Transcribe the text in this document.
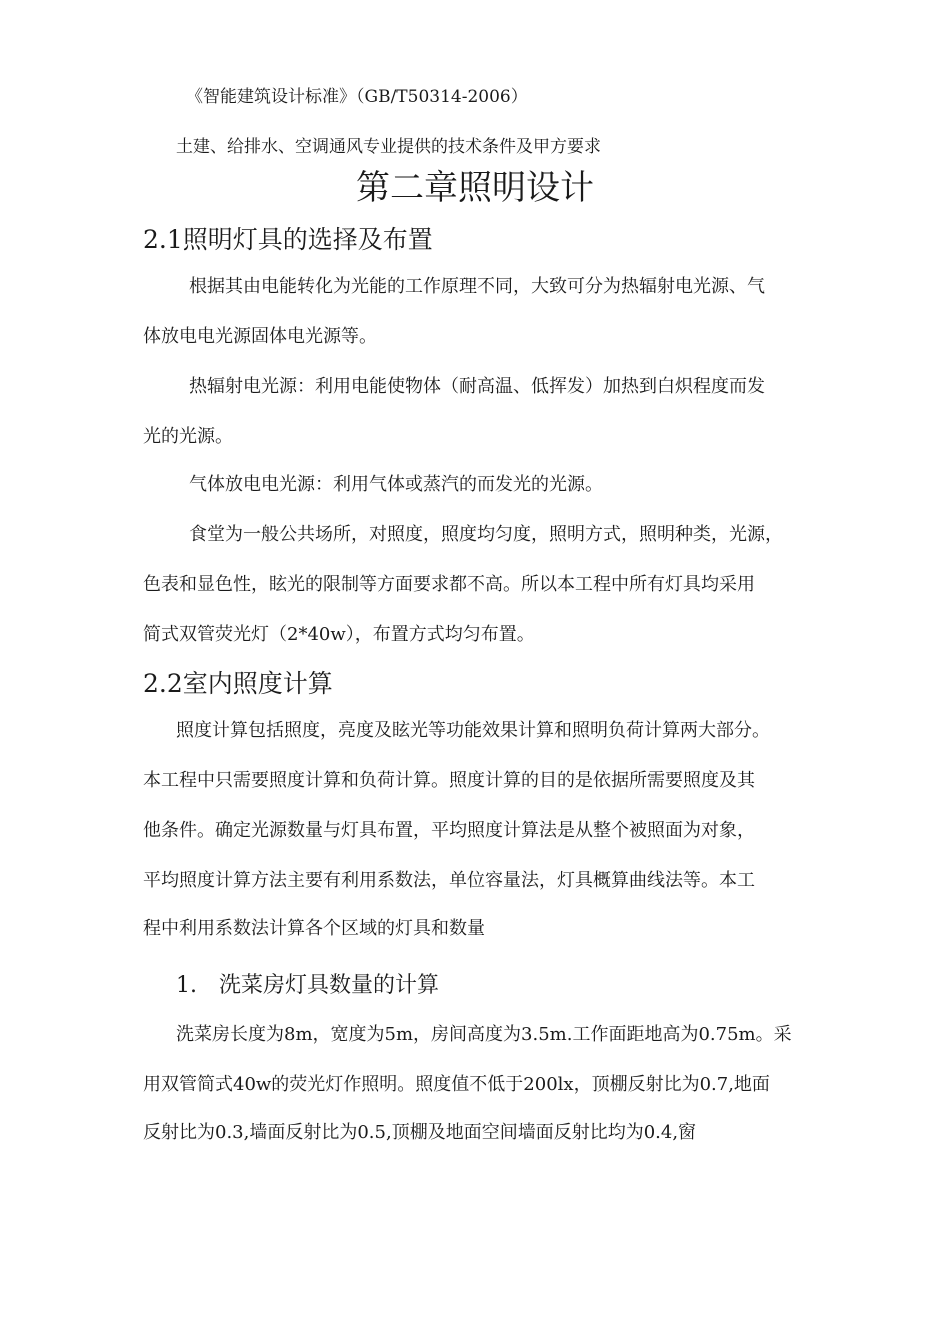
《智能建筑设计标准》（GB/T50314-2006）
土建、给排水、空调通风专业提供的技术条件及甲方要求
第二章照明设计
2.1照明灯具的选择及布置
根据其由电能转化为光能的工作原理不同，大致可分为热辐射电光源、气
体放电电光源固体电光源等。
热辐射电光源：利用电能使物体（耐高温、低挥发）加热到白炽程度而发
光的光源。
气体放电电光源：利用气体或蒸汽的而发光的光源。
食堂为一般公共场所，对照度，照度均匀度，照明方式，照明种类，光源，
色表和显色性，眩光的限制等方面要求都不高。所以本工程中所有灯具均采用
简式双管荧光灯（2*40w），布置方式均匀布置。
2.2室内照度计算
照度计算包括照度，亮度及眩光等功能效果计算和照明负荷计算两大部分。
本工程中只需要照度计算和负荷计算。照度计算的目的是依据所需要照度及其
他条件。确定光源数量与灯具布置，平均照度计算法是从整个被照面为对象，
平均照度计算方法主要有利用系数法，单位容量法，灯具概算曲线法等。本工
程中利用系数法计算各个区域的灯具和数量
1.　洗菜房灯具数量的计算
洗菜房长度为8m，宽度为5m，房间高度为3.5m.工作面距地高为0.75m。采
用双管简式40w的荧光灯作照明。照度值不低于200lx，顶棚反射比为0.7,地面
反射比为0.3,墙面反射比为0.5,顶棚及地面空间墙面反射比均为0.4,窗
